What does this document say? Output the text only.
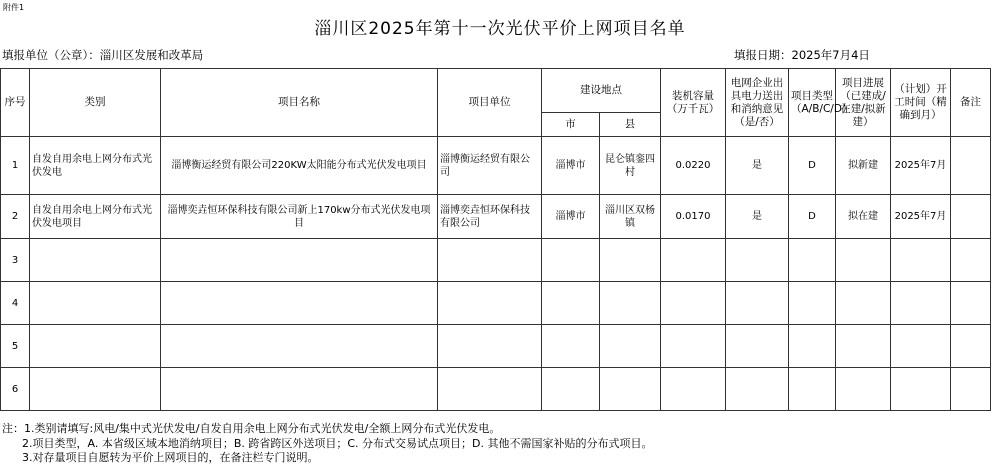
附件1
淄川区2025年第十一次光伏平价上网项目名单
填报单位（公章）：淄川区发展和改革局	填报日期：2025年7月4日
序号	类别	项目名称	项目单位	建设地点		装机容量（万千瓦）	电网企业出具电力送出和消纳意见（是/否）	项目类型（A/B/C/D）	项目进展（已建成/在建/拟新建）	（计划）开工时间（精确到月）	备注
				市	县						
1	自发自用余电上网分布式光伏发电	淄博衡运经贸有限公司220KW太阳能分布式光伏发电项目	淄博衡运经贸有限公司	淄博市	昆仑镇銮四村	0.0220	是	D	拟新建	2025年7月	
2	自发自用余电上网分布式光伏发电项目	淄博奕垚恒环保科技有限公司新上170kw分布式光伏发电项目	淄博奕垚恒环保科技有限公司	淄博市	淄川区双杨镇	0.0170	是	D	拟在建	2025年7月	
3											
4											
5											
6											
注：1.类别请填写:风电/集中式光伏发电/自发自用余电上网分布式光伏发电/全额上网分布式光伏发电。
2.项目类型，A. 本省级区域本地消纳项目；B. 跨省跨区外送项目；C. 分布式交易试点项目；D. 其他不需国家补贴的分布式项目。
3.对存量项目自愿转为平价上网项目的，在备注栏专门说明。
